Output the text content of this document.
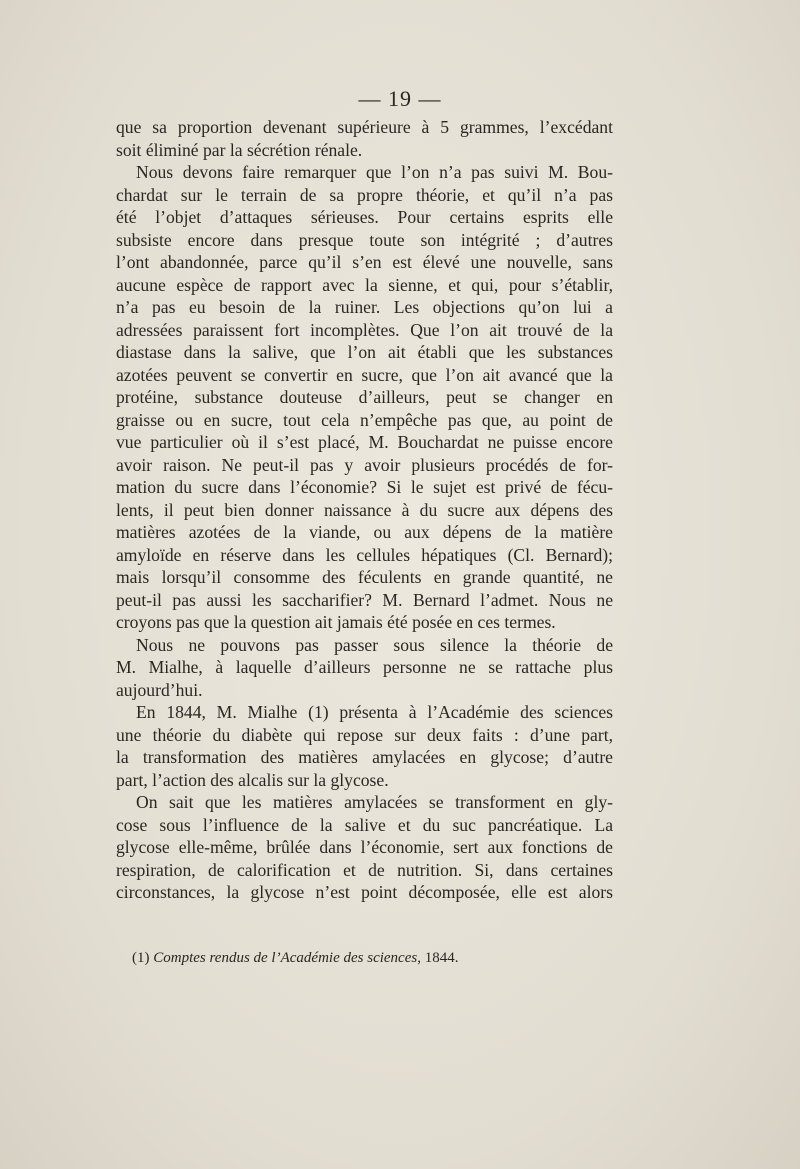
— 19 —
que sa proportion devenant supérieure à 5 grammes, l’excédant
soit éliminé par la sécrétion rénale.
Nous devons faire remarquer que l’on n’a pas suivi M. Bou-
chardat sur le terrain de sa propre théorie, et qu’il n’a pas
été l’objet d’attaques sérieuses. Pour certains esprits elle
subsiste encore dans presque toute son intégrité ; d’autres
l’ont abandonnée, parce qu’il s’en est élevé une nouvelle, sans
aucune espèce de rapport avec la sienne, et qui, pour s’établir,
n’a pas eu besoin de la ruiner. Les objections qu’on lui a
adressées paraissent fort incomplètes. Que l’on ait trouvé de la
diastase dans la salive, que l’on ait établi que les substances
azotées peuvent se convertir en sucre, que l’on ait avancé que la
protéine, substance douteuse d’ailleurs, peut se changer en
graisse ou en sucre, tout cela n’empêche pas que, au point de
vue particulier où il s’est placé, M. Bouchardat ne puisse encore
avoir raison. Ne peut-il pas y avoir plusieurs procédés de for-
mation du sucre dans l’économie? Si le sujet est privé de fécu-
lents, il peut bien donner naissance à du sucre aux dépens des
matières azotées de la viande, ou aux dépens de la matière
amyloïde en réserve dans les cellules hépatiques (Cl. Bernard);
mais lorsqu’il consomme des féculents en grande quantité, ne
peut-il pas aussi les saccharifier? M. Bernard l’admet. Nous ne
croyons pas que la question ait jamais été posée en ces termes.
Nous ne pouvons pas passer sous silence la théorie de
M. Mialhe, à laquelle d’ailleurs personne ne se rattache plus
aujourd’hui.
En 1844, M. Mialhe (1) présenta à l’Académie des sciences
une théorie du diabète qui repose sur deux faits : d’une part,
la transformation des matières amylacées en glycose; d’autre
part, l’action des alcalis sur la glycose.
On sait que les matières amylacées se transforment en gly-
cose sous l’influence de la salive et du suc pancréatique. La
glycose elle-même, brûlée dans l’économie, sert aux fonctions de
respiration, de calorification et de nutrition. Si, dans certaines
circonstances, la glycose n’est point décomposée, elle est alors
(1) Comptes rendus de l’Académie des sciences, 1844.
